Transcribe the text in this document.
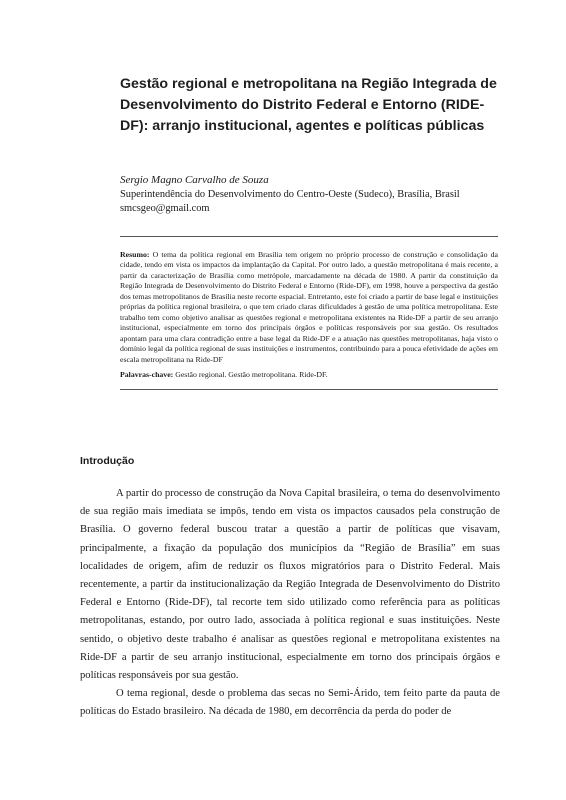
Gestão regional e metropolitana na Região Integrada de Desenvolvimento do Distrito Federal e Entorno (RIDE-DF): arranjo institucional, agentes e políticas públicas
Sergio Magno Carvalho de Souza
Superintendência do Desenvolvimento do Centro-Oeste (Sudeco), Brasília, Brasil
smcsgeo@gmail.com
Resumo: O tema da política regional em Brasília tem origem no próprio processo de construção e consolidação da cidade, tendo em vista os impactos da implantação da Capital. Por outro lado, a questão metropolitana é mais recente, a partir da caracterização de Brasília como metrópole, marcadamente na década de 1980. A partir da constituição da Região Integrada de Desenvolvimento do Distrito Federal e Entorno (Ride-DF), em 1998, houve a perspectiva da gestão dos temas metropolitanos de Brasília neste recorte espacial. Entretanto, este foi criado a partir de base legal e instituições próprias da política regional brasileira, o que tem criado claras dificuldades à gestão de uma política metropolitana. Este trabalho tem como objetivo analisar as questões regional e metropolitana existentes na Ride-DF a partir de seu arranjo institucional, especialmente em torno dos principais órgãos e políticas responsáveis por sua gestão. Os resultados apontam para uma clara contradição entre a base legal da Ride-DF e a atuação nas questões metropolitanas, haja visto o domínio legal da política regional de suas instituições e instrumentos, contribuindo para a pouca efetividade de ações em escala metropolitana na Ride-DF
Palavras-chave: Gestão regional. Gestão metropolitana. Ride-DF.
Introdução

A partir do processo de construção da Nova Capital brasileira, o tema do desenvolvimento de sua região mais imediata se impôs, tendo em vista os impactos causados pela construção de Brasília. O governo federal buscou tratar a questão a partir de políticas que visavam, principalmente, a fixação da população dos municípios da “Região de Brasília” em suas localidades de origem, afim de reduzir os fluxos migratórios para o Distrito Federal. Mais recentemente, a partir da institucionalização da Região Integrada de Desenvolvimento do Distrito Federal e Entorno (Ride-DF), tal recorte tem sido utilizado como referência para as políticas metropolitanas, estando, por outro lado, associada à política regional e suas instituições. Neste sentido, o objetivo deste trabalho é analisar as questões regional e metropolitana existentes na Ride-DF a partir de seu arranjo institucional, especialmente em torno dos principais órgãos e políticas responsáveis por sua gestão.

O tema regional, desde o problema das secas no Semi-Árido, tem feito parte da pauta de políticas do Estado brasileiro. Na década de 1980, em decorrência da perda do poder de
